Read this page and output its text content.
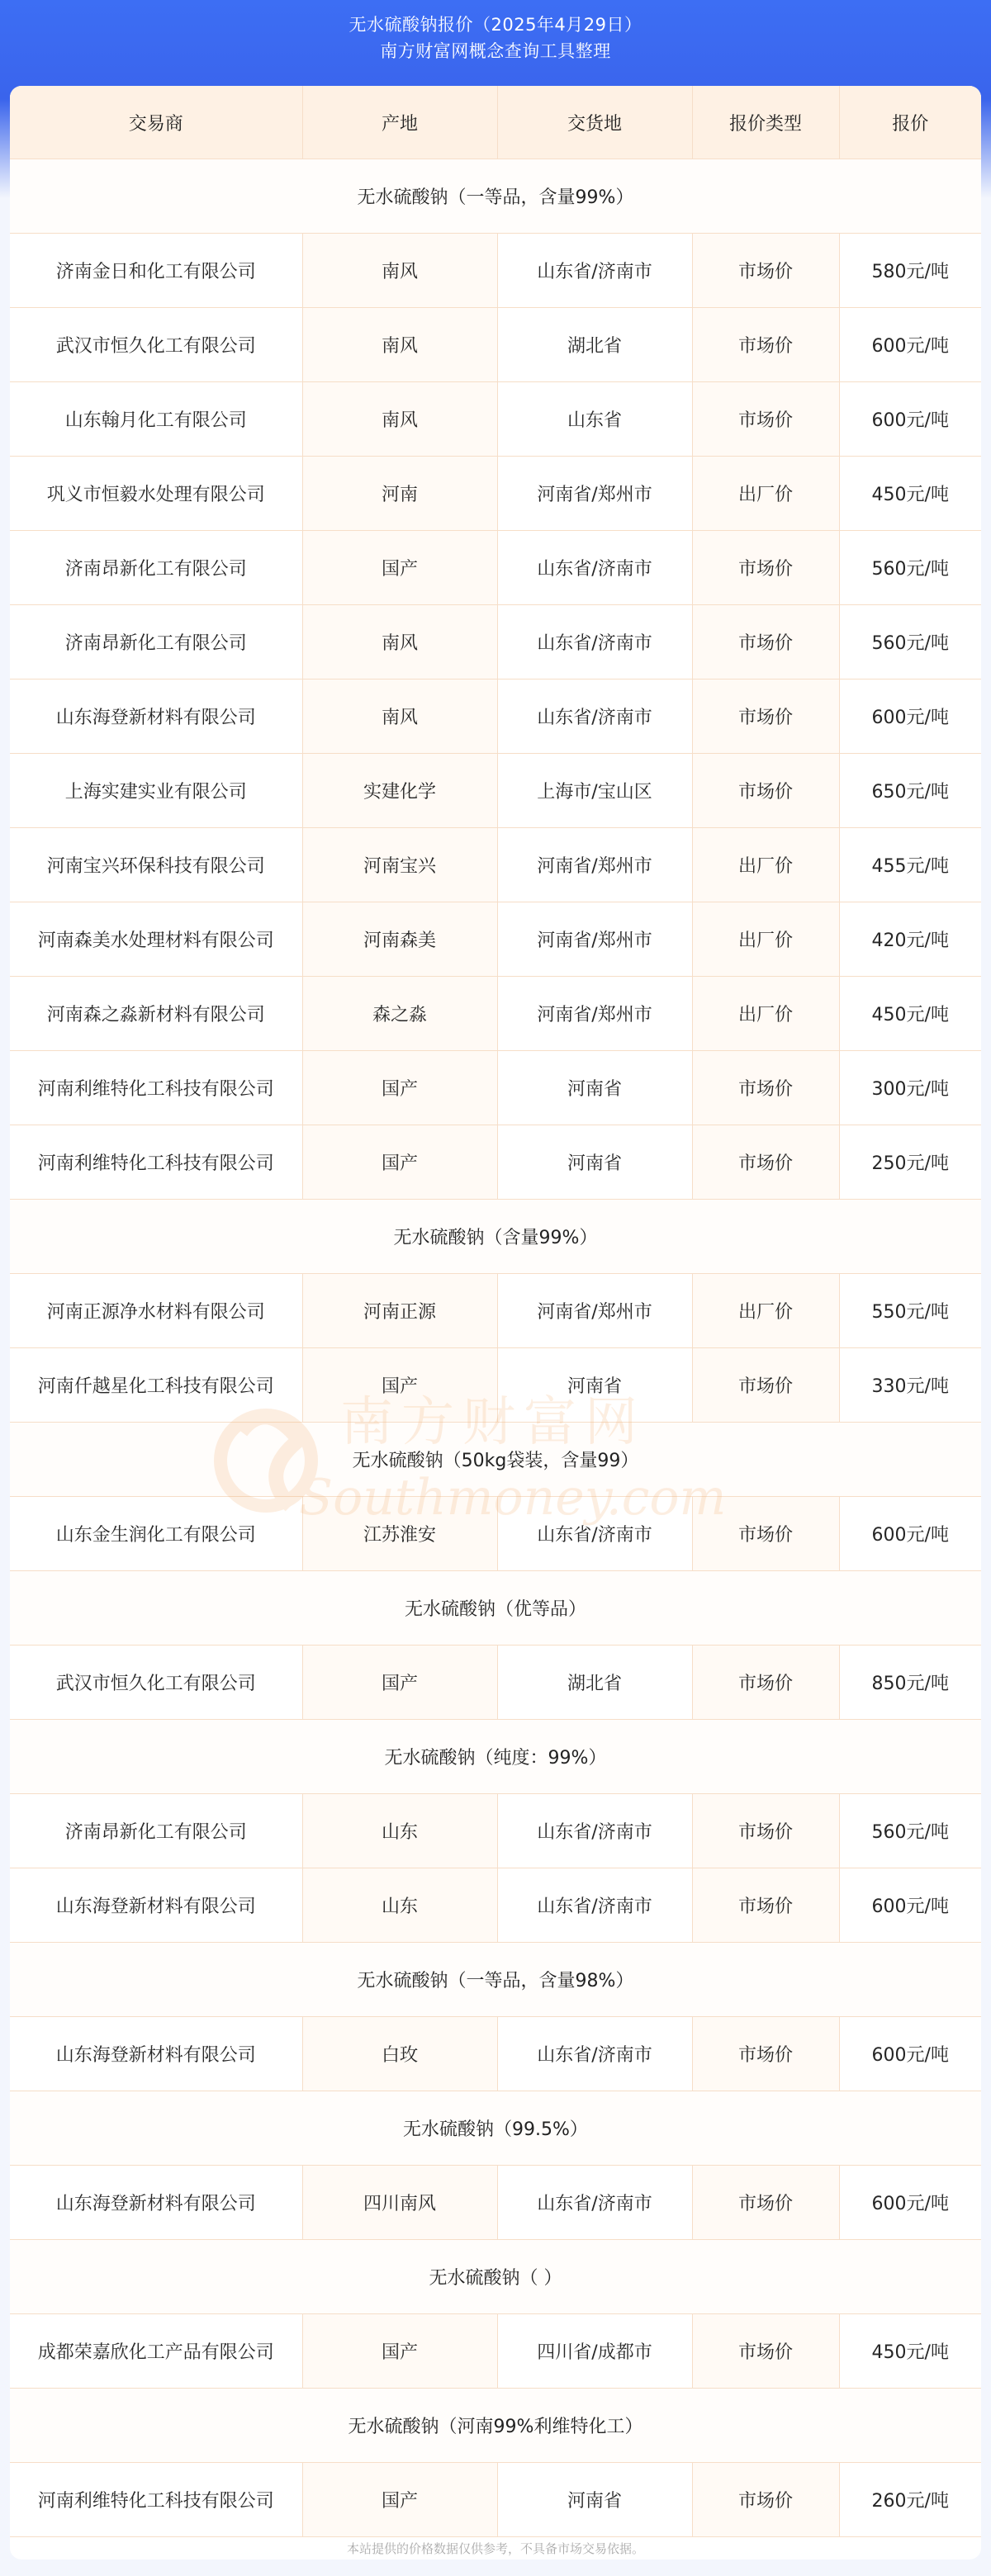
无水硫酸钠报价（2025年4月29日）
南方财富网概念查询工具整理
交易商	产地	交货地	报价类型	报价
无水硫酸钠（一等品，含量99%）				
济南金日和化工有限公司	南风	山东省/济南市	市场价	580元/吨
武汉市恒久化工有限公司	南风	湖北省	市场价	600元/吨
山东翰月化工有限公司	南风	山东省	市场价	600元/吨
巩义市恒毅水处理有限公司	河南	河南省/郑州市	出厂价	450元/吨
济南昂新化工有限公司	国产	山东省/济南市	市场价	560元/吨
济南昂新化工有限公司	南风	山东省/济南市	市场价	560元/吨
山东海登新材料有限公司	南风	山东省/济南市	市场价	600元/吨
上海实建实业有限公司	实建化学	上海市/宝山区	市场价	650元/吨
河南宝兴环保科技有限公司	河南宝兴	河南省/郑州市	出厂价	455元/吨
河南森美水处理材料有限公司	河南森美	河南省/郑州市	出厂价	420元/吨
河南森之淼新材料有限公司	森之淼	河南省/郑州市	出厂价	450元/吨
河南利维特化工科技有限公司	国产	河南省	市场价	300元/吨
河南利维特化工科技有限公司	国产	河南省	市场价	250元/吨
无水硫酸钠（含量99%）				
河南正源净水材料有限公司	河南正源	河南省/郑州市	出厂价	550元/吨
河南仟越星化工科技有限公司	国产	河南省	市场价	330元/吨
无水硫酸钠（50kg袋装，含量99）				
山东金生润化工有限公司	江苏淮安	山东省/济南市	市场价	600元/吨
无水硫酸钠（优等品）				
武汉市恒久化工有限公司	国产	湖北省	市场价	850元/吨
无水硫酸钠（纯度：99%）				
济南昂新化工有限公司	山东	山东省/济南市	市场价	560元/吨
山东海登新材料有限公司	山东	山东省/济南市	市场价	600元/吨
无水硫酸钠（一等品，含量98%）				
山东海登新材料有限公司	白玫	山东省/济南市	市场价	600元/吨
无水硫酸钠（99.5%）				
山东海登新材料有限公司	四川南风	山东省/济南市	市场价	600元/吨
无水硫酸钠（ ）				
成都荣嘉欣化工产品有限公司	国产	四川省/成都市	市场价	450元/吨
无水硫酸钠（河南99%利维特化工）				
河南利维特化工科技有限公司	国产	河南省	市场价	260元/吨
南方财富网
Southmoney.com
本站提供的价格数据仅供参考，不具备市场交易依据。
